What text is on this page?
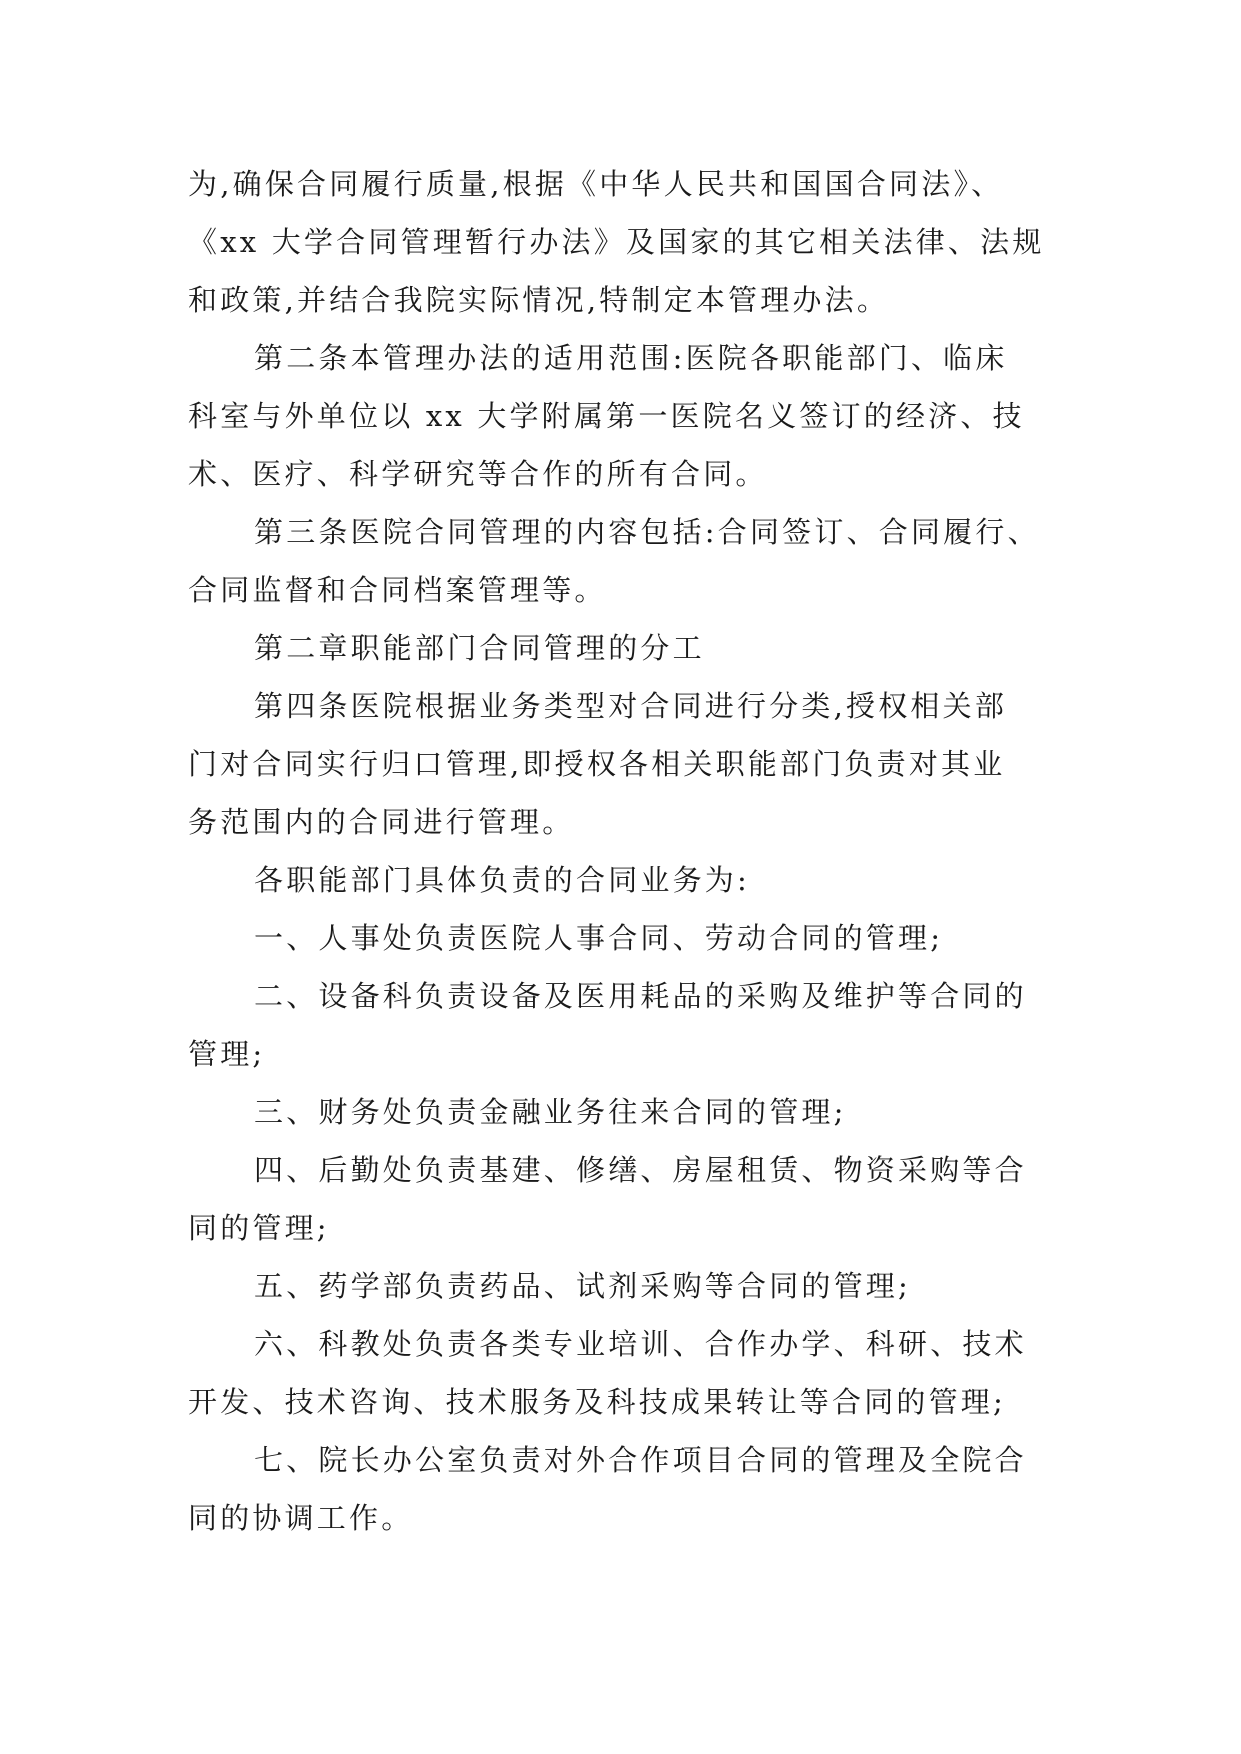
为,确保合同履行质量,根据《中华人民共和国国合同法》、

《xx 大学合同管理暂行办法》及国家的其它相关法律、法规

和政策,并结合我院实际情况,特制定本管理办法。

第二条本管理办法的适用范围:医院各职能部门、临床

科室与外单位以 xx 大学附属第一医院名义签订的经济、技

术、医疗、科学研究等合作的所有合同。

第三条医院合同管理的内容包括:合同签订、合同履行、

合同监督和合同档案管理等。

第二章职能部门合同管理的分工

第四条医院根据业务类型对合同进行分类,授权相关部

门对合同实行归口管理,即授权各相关职能部门负责对其业

务范围内的合同进行管理。

各职能部门具体负责的合同业务为:

一、人事处负责医院人事合同、劳动合同的管理;

二、设备科负责设备及医用耗品的采购及维护等合同的

管理;

三、财务处负责金融业务往来合同的管理;

四、后勤处负责基建、修缮、房屋租赁、物资采购等合

同的管理;

五、药学部负责药品、试剂采购等合同的管理;

六、科教处负责各类专业培训、合作办学、科研、技术

开发、技术咨询、技术服务及科技成果转让等合同的管理;

七、院长办公室负责对外合作项目合同的管理及全院合

同的协调工作。
